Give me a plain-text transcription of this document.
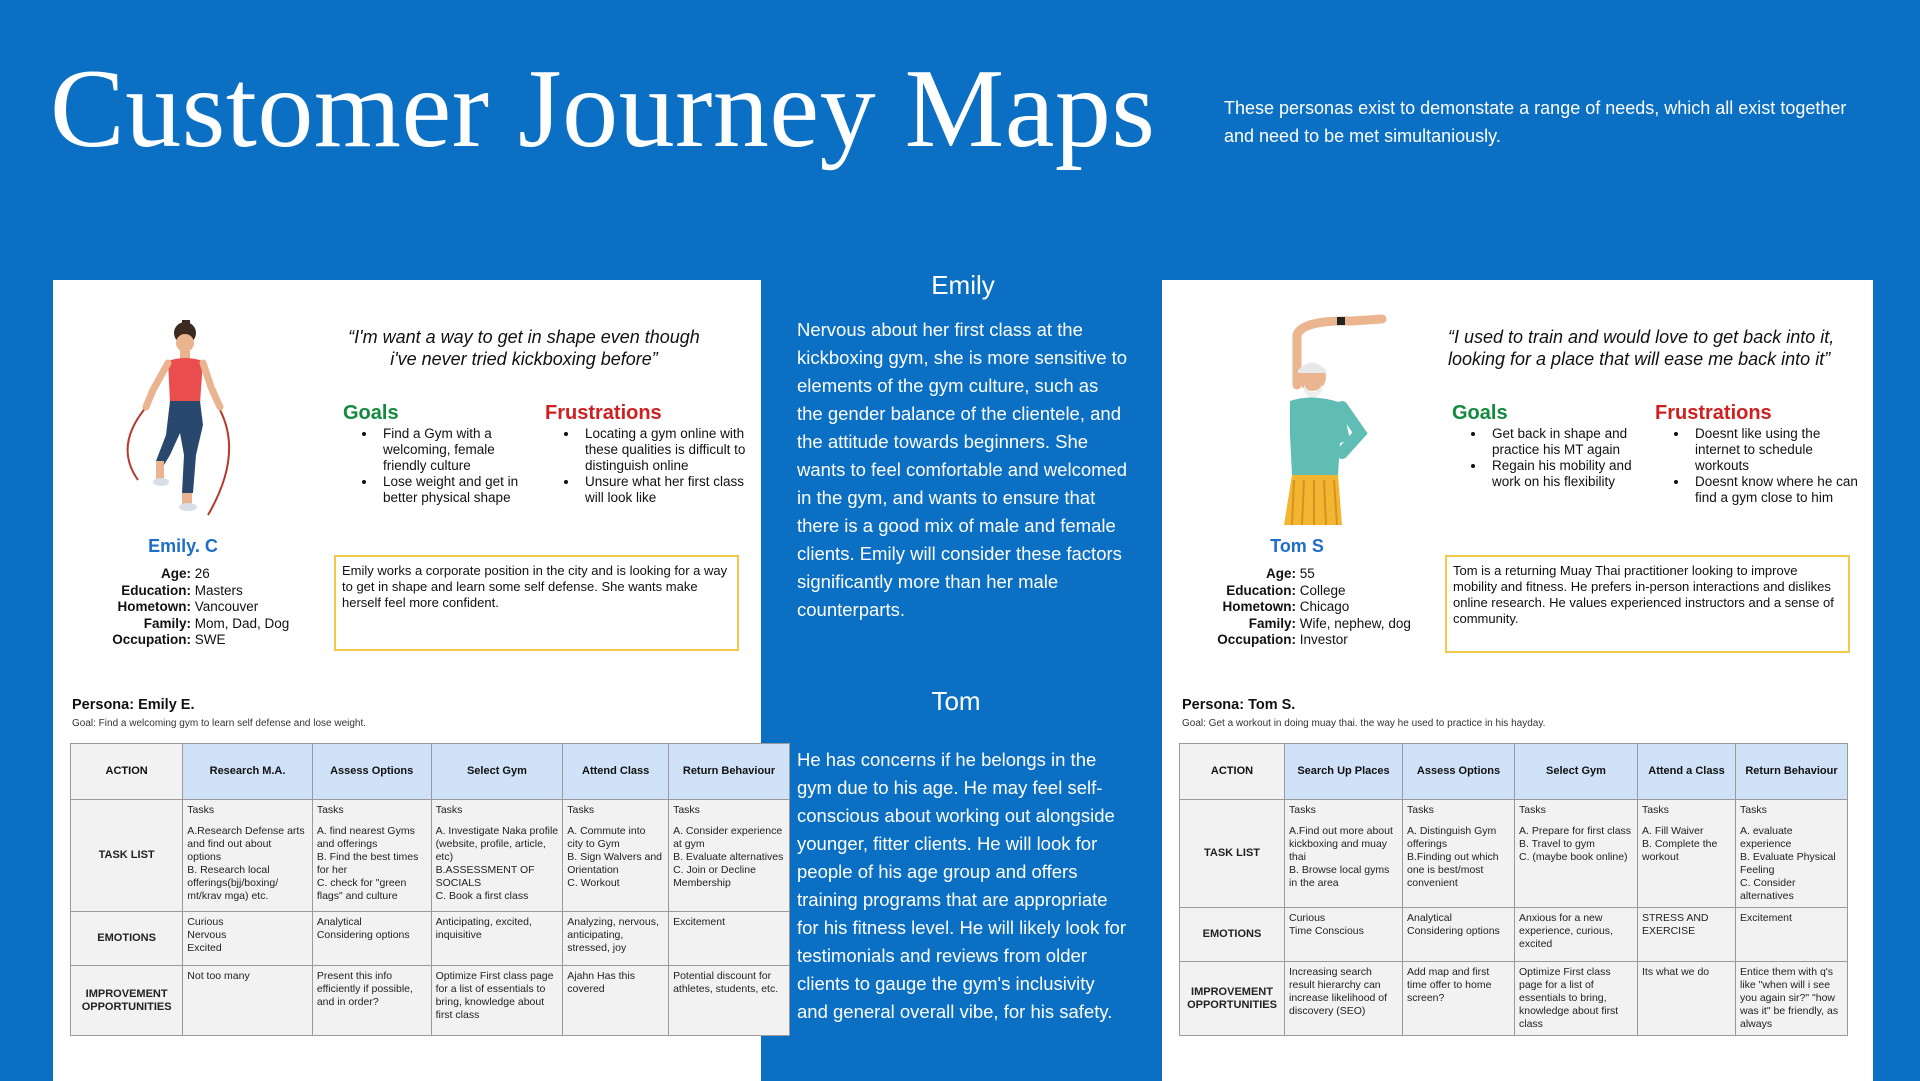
Customer Journey Maps	These personas exist to demonstate a range of needs, which all exist together and need to be met simultaniously.
Emily
Nervous about her first class at the kickboxing gym, she is more sensitive to elements of the gym culture, such as the gender balance of the clientele, and the attitude towards beginners. She wants to feel comfortable and welcomed in the gym, and wants to ensure that there is a good mix of male and female clients. Emily will consider these factors significantly more than her male counterparts.
Tom
He has concerns if he belongs in the gym due to his age. He may feel self-conscious about working out alongside younger, fitter clients. He will look for people of his age group and offers training programs that are appropriate for his fitness level. He will likely look for testimonials and reviews from older clients to gauge the gym's inclusivity and general overall vibe, for his safety.
“I'm want a way to get in shape even though i've never tried kickboxing before”
Goals
• Find a Gym with a welcoming, female friendly culture
• Lose weight and get in better physical shape
Frustrations
• Locating a gym online with these qualities is difficult to distinguish online
• Unsure what her first class will look like
Emily. C
Age: 26
Education: Masters
Hometown: Vancouver
Family: Mom, Dad, Dog
Occupation: SWE
Emily works a corporate position in the city and is looking for a way to get in shape and learn some self defense. She wants make herself feel more confident.
Persona: Emily E.
Goal: Find a welcoming gym to learn self defense and lose weight.
ACTION	Research M.A.	Assess Options	Select Gym	Attend Class	Return Behaviour
TASK LIST	Tasks
A.Research Defense arts and find out about options
B. Research local offerings(bjj/boxing/ mt/krav mga) etc.	Tasks
A. find nearest Gyms and offerings
B. Find the best times for her
C. check for "green flags" and culture	Tasks
A. Investigate Naka profile (website, profile, article, etc)
B.ASSESSMENT OF SOCIALS
C. Book a first class	Tasks
A. Commute into city to Gym
B. Sign Walvers and Orientation
C. Workout	Tasks
A. Consider experience at gym
B. Evaluate alternatives
C. Join or Decline Membership

EMOTIONS	Curious
Nervous
Excited	Analytical
Considering options	Anticipating, excited, inquisitive	Analyzing, nervous, anticipating, stressed, joy	Excitement

IMPROVEMENT OPPORTUNITIES	Not too many	Present this info efficiently if possible, and in order?	Optimize First class page for a list of essentials to bring, knowledge about first class	Ajahn Has this covered	Potential discount for athletes, students, etc.
“I used to train and would love to get back into it, looking for a place that will ease me back into it”
Goals
• Get back in shape and practice his MT again
• Regain his mobility and work on his flexibility
Frustrations
• Doesnt like using the internet to schedule workouts
• Doesnt know where he can find a gym close to him
Tom S
Age: 55
Education: College
Hometown: Chicago
Family: Wife, nephew, dog
Occupation: Investor
Tom is a returning Muay Thai practitioner looking to improve mobility and fitness. He prefers in-person interactions and dislikes online research. He values experienced instructors and a sense of community.
Persona: Tom S.
Goal: Get a workout in doing muay thai. the way he used to practice in his hayday.
ACTION	Search Up Places	Assess Options	Select Gym	Attend a Class	Return Behaviour
TASK LIST	Tasks
A.Find out more about kickboxing and muay thai
B. Browse local gyms in the area	Tasks
A. Distinguish Gym offerings
B.Finding out which one is best/most convenient	Tasks
A. Prepare for first class
B. Travel to gym
C. (maybe book online)	Tasks
A. Fill Waiver
B. Complete the workout	Tasks
A. evaluate experience
B. Evaluate Physical Feeling
C. Consider alternatives

EMOTIONS	Curious
Time Conscious	Analytical
Considering options	Anxious for a new experience, curious, excited	STRESS AND EXERCISE	Excitement

IMPROVEMENT OPPORTUNITIES	Increasing search result hierarchy can increase likelihood of discovery (SEO)	Add map and first time offer to home screen?	Optimize First class page for a list of essentials to bring, knowledge about first class	Its what we do	Entice them with q's like "when will i see you again sir?" "how was it" be friendly, as always
